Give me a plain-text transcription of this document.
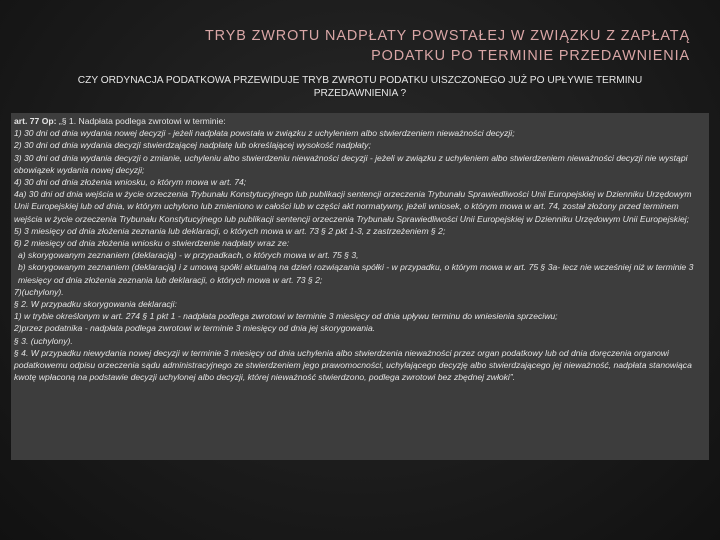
TRYB ZWROTU NADPŁATY POWSTAŁEJ W ZWIĄZKU Z ZAPŁATĄ PODATKU PO TERMINIE PRZEDAWNIENIA

CZY ORDYNACJA PODATKOWA PRZEWIDUJE TRYB ZWROTU PODATKU UISZCZONEGO JUŻ PO UPŁYWIE TERMINU PRZEDAWNIENIA ?

art. 77 Op: „§ 1. Nadpłata podlega zwrotowi w terminie:

1) 30 dni od dnia wydania nowej decyzji - jeżeli nadpłata powstała w związku z uchyleniem albo stwierdzeniem nieważności decyzji;

2) 30 dni od dnia wydania decyzji stwierdzającej nadpłatę lub określającej wysokość nadpłaty;

3) 30 dni od dnia wydania decyzji o zmianie, uchyleniu albo stwierdzeniu nieważności decyzji - jeżeli w związku z uchyleniem albo stwierdzeniem nieważności decyzji nie wystąpi obowiązek wydania nowej decyzji;

4) 30 dni od dnia złożenia wniosku, o którym mowa w art. 74;

4a) 30 dni od dnia wejścia w życie orzeczenia Trybunału Konstytucyjnego lub publikacji sentencji orzeczenia Trybunału Sprawiedliwości Unii Europejskiej w Dzienniku Urzędowym Unii Europejskiej lub od dnia, w którym uchylono lub zmieniono w całości lub w części akt normatywny, jeżeli wniosek, o którym mowa w art. 74, został złożony przed terminem wejścia w życie orzeczenia Trybunału Konstytucyjnego lub publikacji sentencji orzeczenia Trybunału Sprawiedliwości Unii Europejskiej w Dzienniku Urzędowym Unii Europejskiej;

5) 3 miesięcy od dnia złożenia zeznania lub deklaracji, o których mowa w art. 73 § 2 pkt 1-3, z zastrzeżeniem § 2;

6) 2 miesięcy od dnia złożenia wniosku o stwierdzenie nadpłaty wraz ze:

a) skorygowanym zeznaniem (deklaracją) - w przypadkach, o których mowa w art. 75 § 3,

b) skorygowanym zeznaniem (deklaracją) i z umową spółki aktualną na dzień rozwiązania spółki - w przypadku, o którym mowa w art. 75 § 3a- lecz nie wcześniej niż w terminie 3 miesięcy od dnia złożenia zeznania lub deklaracji, o których mowa w art. 73 § 2;

7)(uchylony).

§ 2. W przypadku skorygowania deklaracji:

1) w trybie określonym w art. 274 § 1 pkt 1 - nadpłata podlega zwrotowi w terminie 3 miesięcy od dnia upływu terminu do wniesienia sprzeciwu;

2)przez podatnika - nadpłata podlega zwrotowi w terminie 3 miesięcy od dnia jej skorygowania.

§ 3. (uchylony).

§ 4. W przypadku niewydania nowej decyzji w terminie 3 miesięcy od dnia uchylenia albo stwierdzenia nieważności przez organ podatkowy lub od dnia doręczenia organowi podatkowemu odpisu orzeczenia sądu administracyjnego ze stwierdzeniem jego prawomocności, uchylającego decyzję albo stwierdzającego jej nieważność, nadpłata stanowiąca kwotę wpłaconą na podstawie decyzji uchylonej albo decyzji, której nieważność stwierdzono, podlega zwrotowi bez zbędnej zwłoki”.
